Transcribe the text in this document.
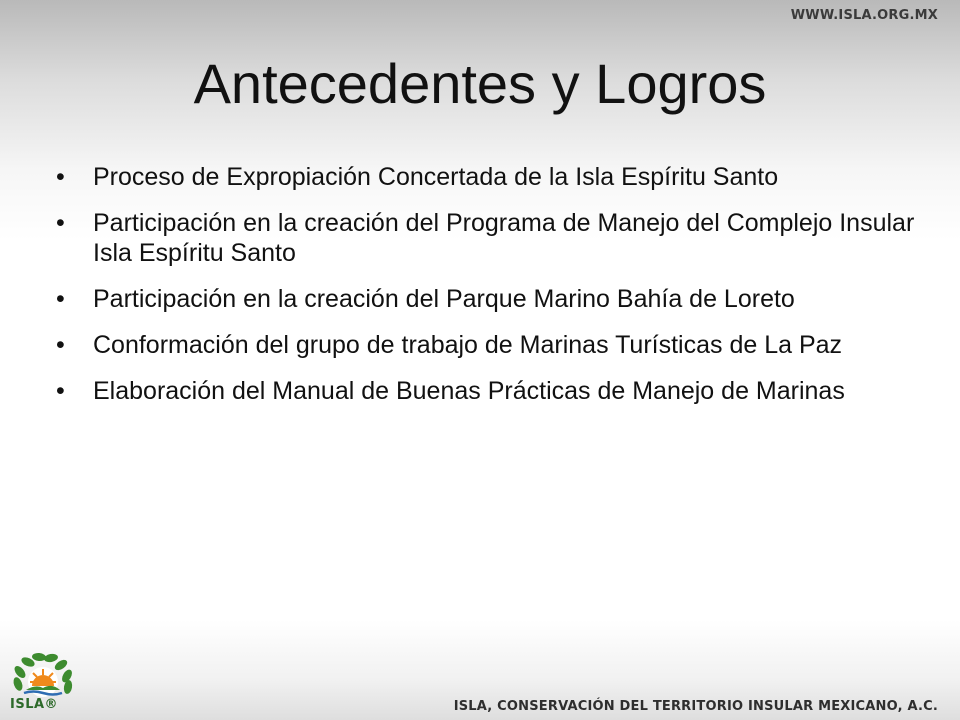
WWW.ISLA.ORG.MX
Antecedentes y Logros
• Proceso de Expropiación Concertada de la Isla Espíritu Santo
• Participación en la creación del Programa de Manejo del Complejo Insular Isla Espíritu Santo
• Participación en la creación del Parque Marino Bahía de Loreto
• Conformación del grupo de trabajo de Marinas Turísticas de La Paz
• Elaboración del Manual de Buenas Prácticas de Manejo de Marinas
ISLA®	ISLA, CONSERVACIÓN DEL TERRITORIO INSULAR MEXICANO, A.C.
